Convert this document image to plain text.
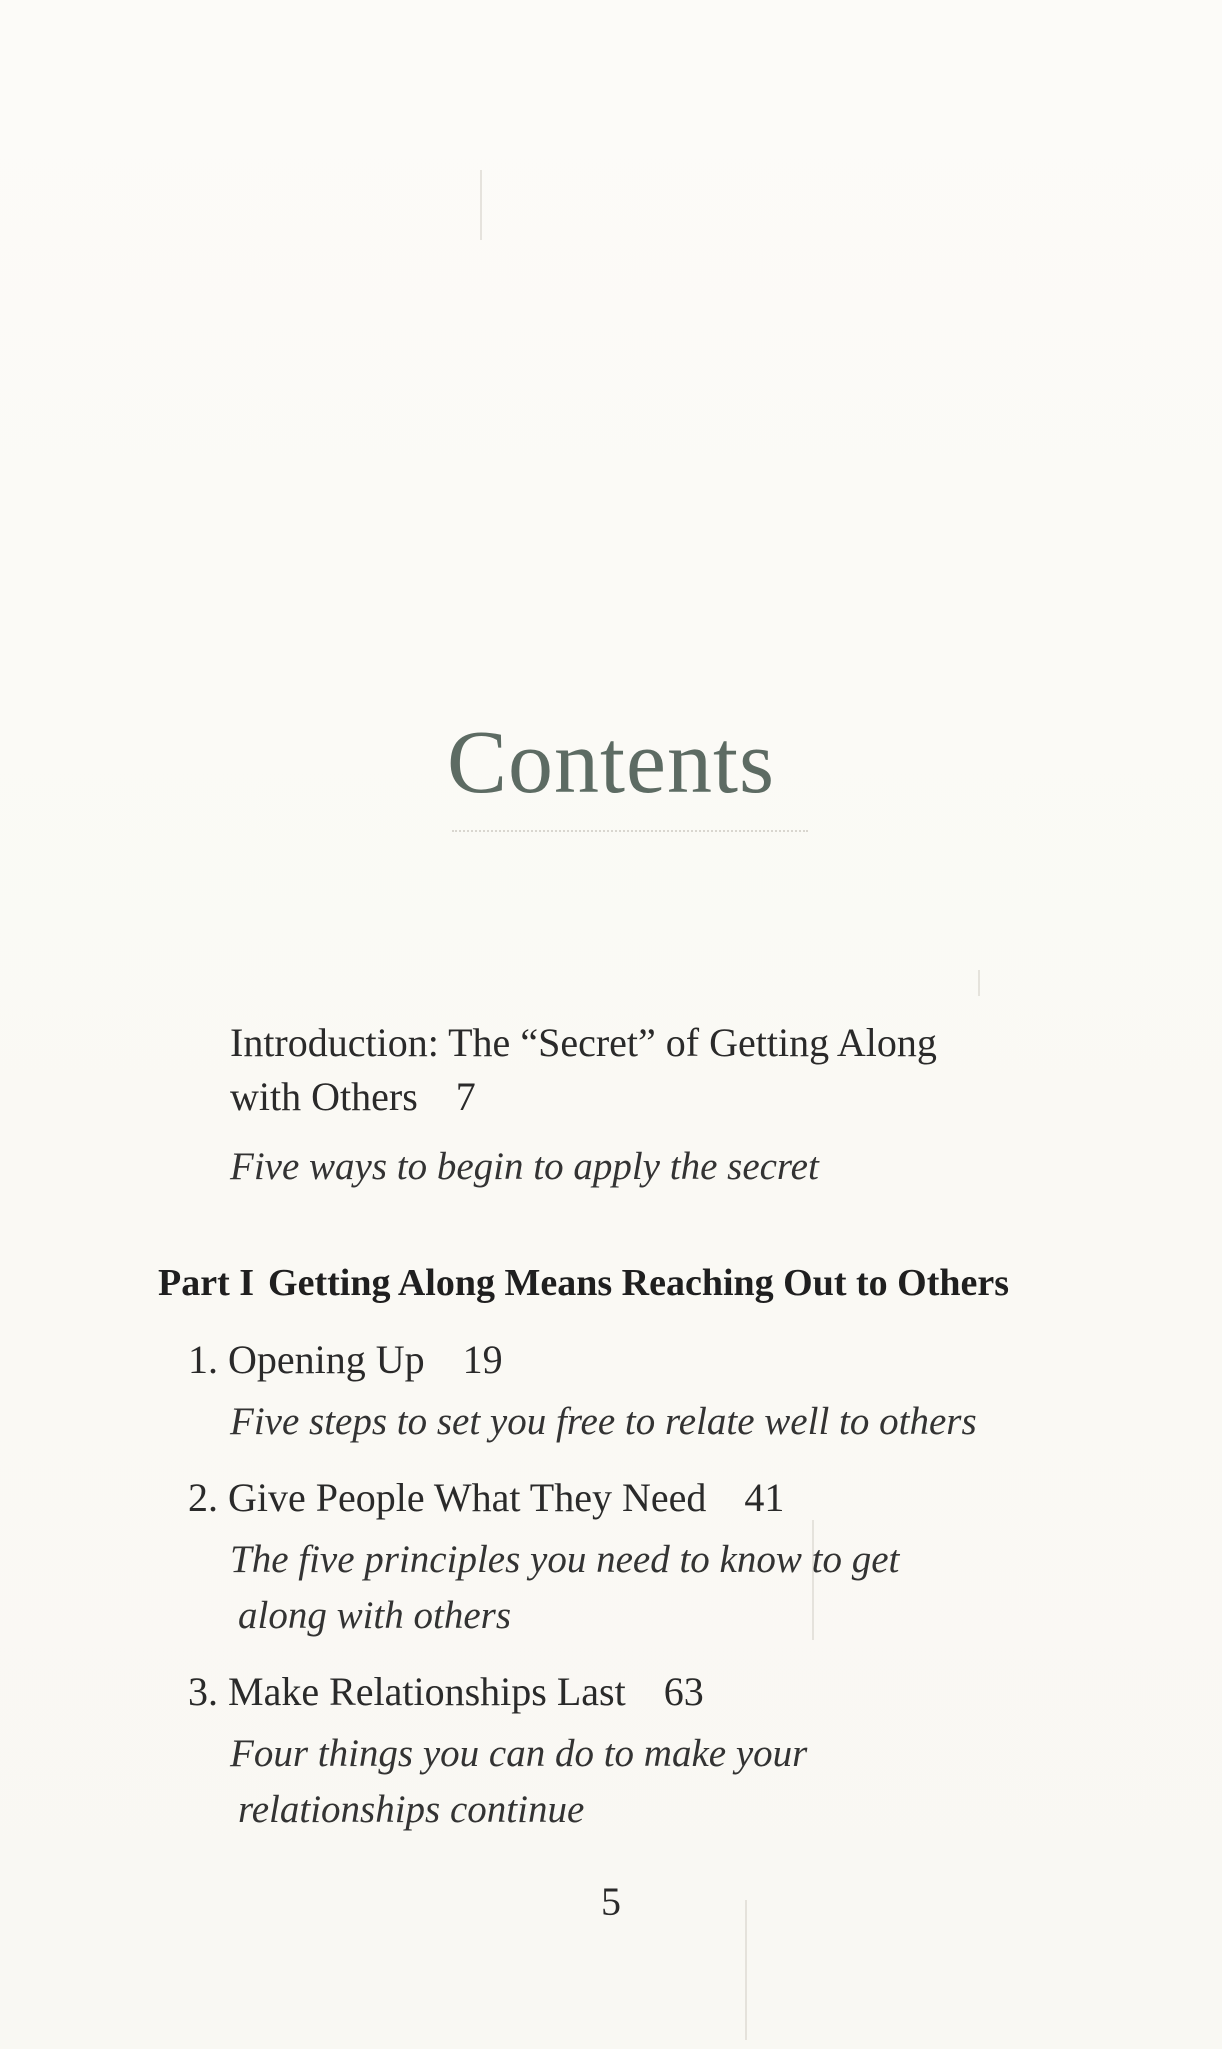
Contents
Introduction: The “Secret” of Getting Along
with Others 7
Five ways to begin to apply the secret
Part I Getting Along Means Reaching Out to Others
1. Opening Up 19
Five steps to set you free to relate well to others
2. Give People What They Need 41
The five principles you need to know to get
along with others
3. Make Relationships Last 63
Four things you can do to make your
relationships continue
5
